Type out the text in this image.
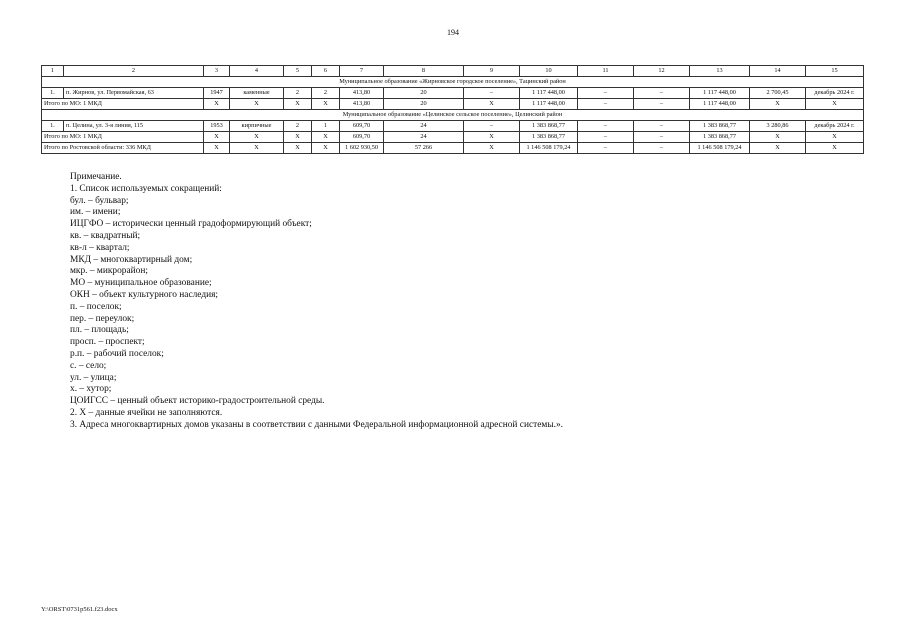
194
1	2	3	4	5	6	7	8	9	10	11	12	13	14	15
Муниципальное образование «Жирновское городское поселение», Тацинский район														
1.	п. Жирнов, ул. Первомайская, 63	1947	каменные	2	2	413,80	20	–	1 117 448,00	–	–	1 117 448,00	2 700,45	декабрь 2024 г.
Итого по МО: 1 МКД		X	X	X	X	413,80	20	X	1 117 448,00	–	–	1 117 448,00	X	X
Муниципальное образование «Целинское сельское поселение», Целинский район														
1.	п. Целина, ул. 3-я линия, 115	1953	кирпичные	2	1	609,70	24	–	1 383 868,77	–	–	1 383 868,77	3 280,86	декабрь 2024 г.
Итого по МО: 1 МКД		X	X	X	X	609,70	24	X	1 383 868,77	–	–	1 383 868,77	X	X
Итого по Ростовской области: 336 МКД		X	X	X	X	1 602 930,50	57 266	X	1 146 508 179,24	–	–	1 146 508 179,24	X	X
Примечание.
1. Список используемых сокращений:
бул. – бульвар;
им. – имени;
ИЦГФО – исторически ценный градоформирующий объект;
кв. – квадратный;
кв-л – квартал;
МКД – многоквартирный дом;
мкр. – микрорайон;
МО – муниципальное образование;
ОКН – объект культурного наследия;
п. – поселок;
пер. – переулок;
пл. – площадь;
просп. – проспект;
р.п. – рабочий поселок;
с. – село;
ул. – улица;
х. – хутор;
ЦОИГСС – ценный объект историко-градостроительной среды.
2. X – данные ячейки не заполняются.
3. Адреса многоквартирных домов указаны в соответствии с данными Федеральной информационной адресной системы.».
Y:\ORST\0731p561.f23.docx
